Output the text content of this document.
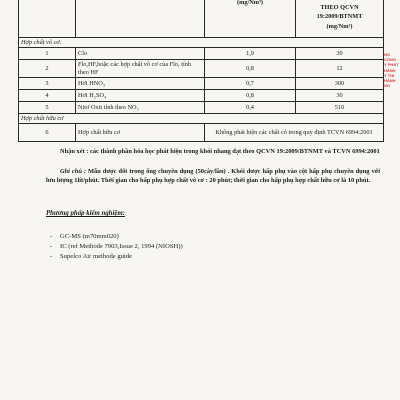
		(mg/Nm³)	THEO QCVN
19:2009/BTNMT
(mg/Nm³)

Hợp chất vô cơ.			
1	Clo	1,9	30
2	Flo,HF,hoặc các hợp chất vô cơ của Flo, tính theo HF	0,8	12
3	Hơi HNO₃	0,7	300
4	Hơi H₂SO₄	0,8	30
5	Nitơ Oxit tính theo NO₂	0,4	510
Hợp chất hữu cơ			
6	Hợp chất hữu cơ	Không phát hiện các chất có trong quy định TCVN 6994:2001	
NG
CÔNG
Y PHÁT
HÀNH
Ý THỊ
HÀNH
NG
Nhận xét : các thành phần hóa học phát hiện trong khói nhang đạt theo QCVN 19:2009/BTNMT và TCVN 6994:2001
Ghi chú : Mẫu được đốt trong ống chuyên dụng (50cây/lần) . Khói được hấp phụ vào cột hấp phụ chuyên dụng với lưu lượng 1lít/phút. Thời gian cho hấp phụ hợp chất vô cơ : 20 phút; thời gian cho hấp phụ hợp chất hữu cơ là 10 phút.
Phương pháp kiểm nghiệm:
- GC-MS (m70mm020)
- IC (ref Methode 7903,Issue 2, 1994 (NIOSH))
- Supelco Air methode guide
